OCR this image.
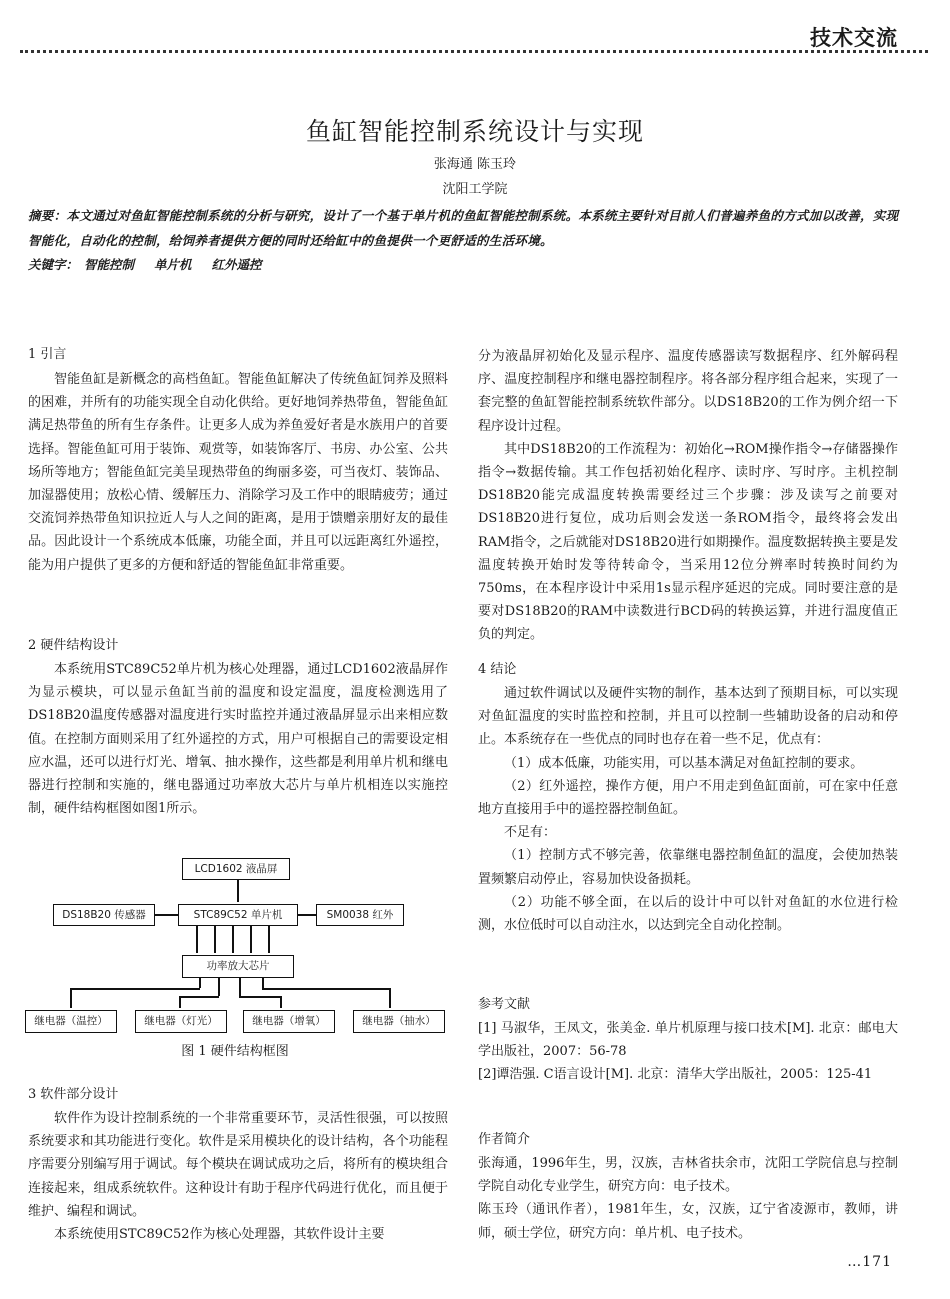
技术交流
鱼缸智能控制系统设计与实现
张海通 陈玉玲
沈阳工学院
摘要：本文通过对鱼缸智能控制系统的分析与研究，设计了一个基于单片机的鱼缸智能控制系统。本系统主要针对目前人们普遍养鱼的方式加以改善，实现智能化，自动化的控制，给饲养者提供方便的同时还给缸中的鱼提供一个更舒适的生活环境。
关键字： 智能控制 单片机 红外遥控
1 引言

智能鱼缸是新概念的高档鱼缸。智能鱼缸解决了传统鱼缸饲养及照料的困难，并所有的功能实现全自动化供给。更好地饲养热带鱼，智能鱼缸满足热带鱼的所有生存条件。让更多人成为养鱼爱好者是水族用户的首要选择。智能鱼缸可用于装饰、观赏等，如装饰客厅、书房、办公室、公共场所等地方；智能鱼缸完美呈现热带鱼的绚丽多姿，可当夜灯、装饰品、加湿器使用；放松心情、缓解压力、消除学习及工作中的眼睛疲劳；通过交流饲养热带鱼知识拉近人与人之间的距离，是用于馈赠亲朋好友的最佳品。因此设计一个系统成本低廉，功能全面，并且可以远距离红外遥控，能为用户提供了更多的方便和舒适的智能鱼缸非常重要。

2 硬件结构设计

本系统用STC89C52单片机为核心处理器，通过LCD1602液晶屏作为显示模块，可以显示鱼缸当前的温度和设定温度，温度检测选用了DS18B20温度传感器对温度进行实时监控并通过液晶屏显示出来相应数值。在控制方面则采用了红外遥控的方式，用户可根据自己的需要设定相应水温，还可以进行灯光、增氧、抽水操作，这些都是利用单片机和继电器进行控制和实施的，继电器通过功率放大芯片与单片机相连以实施控制，硬件结构框图如图1所示。

LCD1602 液晶屏
DS18B20 传感器	STC89C52 单片机	SM0038 红外
功率放大芯片
继电器（温控）	继电器（灯光）	继电器（增氧）	继电器（抽水）
图 1 硬件结构框图
3 软件部分设计

软件作为设计控制系统的一个非常重要环节，灵活性很强，可以按照系统要求和其功能进行变化。软件是采用模块化的设计结构，各个功能程序需要分别编写用于调试。每个模块在调试成功之后，将所有的模块组合连接起来，组成系统软件。这种设计有助于程序代码进行优化，而且便于维护、编程和调试。

本系统使用STC89C52作为核心处理器，其软件设计主要

分为液晶屏初始化及显示程序、温度传感器读写数据程序、红外解码程序、温度控制程序和继电器控制程序。将各部分程序组合起来，实现了一套完整的鱼缸智能控制系统软件部分。以DS18B20的工作为例介绍一下程序设计过程。

其中DS18B20的工作流程为：初始化→ROM操作指令→存储器操作指令→数据传输。其工作包括初始化程序、读时序、写时序。主机控制DS18B20能完成温度转换需要经过三个步骤：涉及读写之前要对DS18B20进行复位，成功后则会发送一条ROM指令，最终将会发出RAM指令，之后就能对DS18B20进行如期操作。温度数据转换主要是发温度转换开始时发等待转命令，当采用12位分辨率时转换时间约为750ms，在本程序设计中采用1s显示程序延迟的完成。同时要注意的是要对DS18B20的RAM中读数进行BCD码的转换运算，并进行温度值正负的判定。

4 结论

通过软件调试以及硬件实物的制作，基本达到了预期目标，可以实现对鱼缸温度的实时监控和控制，并且可以控制一些辅助设备的启动和停止。本系统存在一些优点的同时也存在着一些不足，优点有：

（1）成本低廉，功能实用，可以基本满足对鱼缸控制的要求。

（2）红外遥控，操作方便，用户不用走到鱼缸面前，可在家中任意地方直接用手中的遥控器控制鱼缸。

不足有：

（1）控制方式不够完善，依靠继电器控制鱼缸的温度，会使加热装置频繁启动停止，容易加快设备损耗。

（2）功能不够全面，在以后的设计中可以针对鱼缸的水位进行检测，水位低时可以自动注水，以达到完全自动化控制。

参考文献

[1] 马淑华，王凤文，张美金. 单片机原理与接口技术[M]. 北京：邮电大学出版社，2007：56-78

[2]谭浩强. C语言设计[M]. 北京：清华大学出版社，2005：125-41

作者简介

张海通，1996年生，男，汉族，吉林省扶余市，沈阳工学院信息与控制学院自动化专业学生，研究方向：电子技术。

陈玉玲（通讯作者），1981年生，女，汉族，辽宁省凌源市，教师，讲师，硕士学位，研究方向：单片机、电子技术。

…171
